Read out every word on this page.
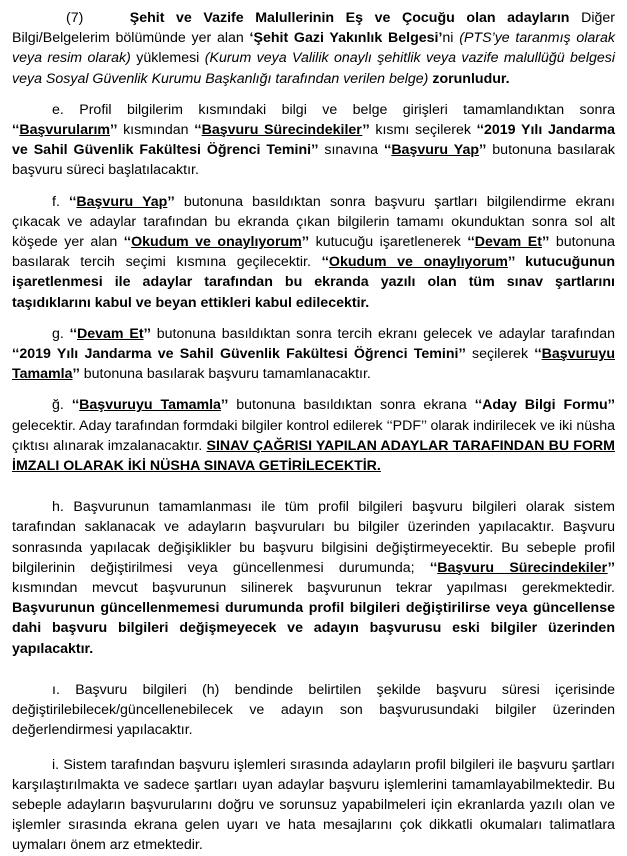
(7)	Şehit ve Vazife Malullerinin Eş ve Çocuğu olan adayların Diğer Bilgi/Belgelerim bölümünde yer alan ‘Şehit Gazi Yakınlık Belgesi’ni (PTS’ye taranmış olarak veya resim olarak) yüklemesi (Kurum veya Valilik onaylı şehitlik veya vazife malullüğü belgesi veya Sosyal Güvenlik Kurumu Başkanlığı tarafından verilen belge) zorunludur.

e. Profil bilgilerim kısmındaki bilgi ve belge girişleri tamamlandıktan sonra ‘‘Başvurularım’’ kısmından ‘‘Başvuru Sürecindekiler’’ kısmı seçilerek ‘‘2019 Yılı Jandarma ve Sahil Güvenlik Fakültesi Öğrenci Temini’’ sınavına ‘‘Başvuru Yap’’ butonuna basılarak başvuru süreci başlatılacaktır.

f. ‘‘Başvuru Yap’’ butonuna basıldıktan sonra başvuru şartları bilgilendirme ekranı çıkacak ve adaylar tarafından bu ekranda çıkan bilgilerin tamamı okunduktan sonra sol alt köşede yer alan ‘‘Okudum ve onaylıyorum’’ kutucuğu işaretlenerek ‘‘Devam Et’’ butonuna basılarak tercih seçimi kısmına geçilecektir. ‘‘Okudum ve onaylıyorum’’ kutucuğunun işaretlenmesi ile adaylar tarafından bu ekranda yazılı olan tüm sınav şartlarını taşıdıklarını kabul ve beyan ettikleri kabul edilecektir.

g. ‘‘Devam Et’’ butonuna basıldıktan sonra tercih ekranı gelecek ve adaylar tarafından ‘‘2019 Yılı Jandarma ve Sahil Güvenlik Fakültesi Öğrenci Temini’’ seçilerek ‘‘Başvuruyu Tamamla’’ butonuna basılarak başvuru tamamlanacaktır.

ğ. ‘‘Başvuruyu Tamamla’’ butonuna basıldıktan sonra ekrana ‘‘Aday Bilgi Formu’’ gelecektir. Aday tarafından formdaki bilgiler kontrol edilerek ‘‘PDF’’ olarak indirilecek ve iki nüsha çıktısı alınarak imzalanacaktır. SINAV ÇAĞRISI YAPILAN ADAYLAR TARAFINDAN BU FORM İMZALI OLARAK İKİ NÜSHA SINAVA GETİRİLECEKTİR.

h. Başvurunun tamamlanması ile tüm profil bilgileri başvuru bilgileri olarak sistem tarafından saklanacak ve adayların başvuruları bu bilgiler üzerinden yapılacaktır. Başvuru sonrasında yapılacak değişiklikler bu başvuru bilgisini değiştirmeyecektir. Bu sebeple profil bilgilerinin değiştirilmesi veya güncellenmesi durumunda; ‘‘Başvuru Sürecindekiler’’ kısmından mevcut başvurunun silinerek başvurunun tekrar yapılması gerekmektedir. Başvurunun güncellenmemesi durumunda profil bilgileri değiştirilirse veya güncellense dahi başvuru bilgileri değişmeyecek ve adayın başvurusu eski bilgiler üzerinden yapılacaktır.

ı. Başvuru bilgileri (h) bendinde belirtilen şekilde başvuru süresi içerisinde değiştirilebilecek/güncellenebilecek ve adayın son başvurusundaki bilgiler üzerinden değerlendirmesi yapılacaktır.

i. Sistem tarafından başvuru işlemleri sırasında adayların profil bilgileri ile başvuru şartları karşılaştırılmakta ve sadece şartları uyan adaylar başvuru işlemlerini tamamlayabilmektedir. Bu sebeple adayların başvurularını doğru ve sorunsuz yapabilmeleri için ekranlarda yazılı olan ve işlemler sırasında ekrana gelen uyarı ve hata mesajlarını çok dikkatli okumaları talimatlara uymaları önem arz etmektedir.
